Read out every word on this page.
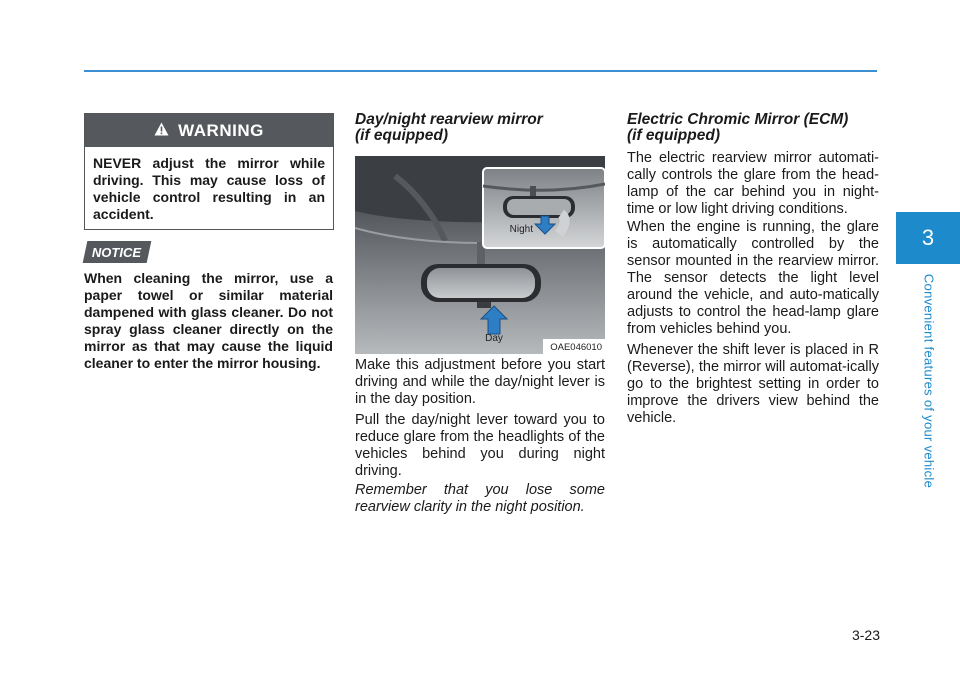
3
Convenient features of your vehicle
WARNING
NEVER adjust the mirror while driving. This may cause loss of vehicle control resulting in an accident.
NOTICE
When cleaning the mirror, use a paper towel or similar material dampened with glass cleaner. Do not spray glass cleaner directly on the mirror as that may cause the liquid cleaner to enter the mirror housing.
Day/night rearview mirror
(if equipped)
Night
Day
OAE046010
Make this adjustment before you start driving and while the day/night lever is in the day position.
Pull the day/night lever toward you to reduce glare from the headlights of the vehicles behind you during night driving.
Remember that you lose some rearview clarity in the night position.
Electric Chromic Mirror (ECM)
(if equipped)
The electric rearview mirror automati-cally controls the glare from the head-lamp of the car behind you in night-time or low light driving conditions.
When the engine is running, the glare is automatically controlled by the sensor mounted in the rearview mirror. The sensor detects the light level around the vehicle, and auto-matically adjusts to control the head-lamp glare from vehicles behind you.
Whenever the shift lever is placed in R (Reverse), the mirror will automat-ically go to the brightest setting in order to improve the drivers view behind the vehicle.
3-23
